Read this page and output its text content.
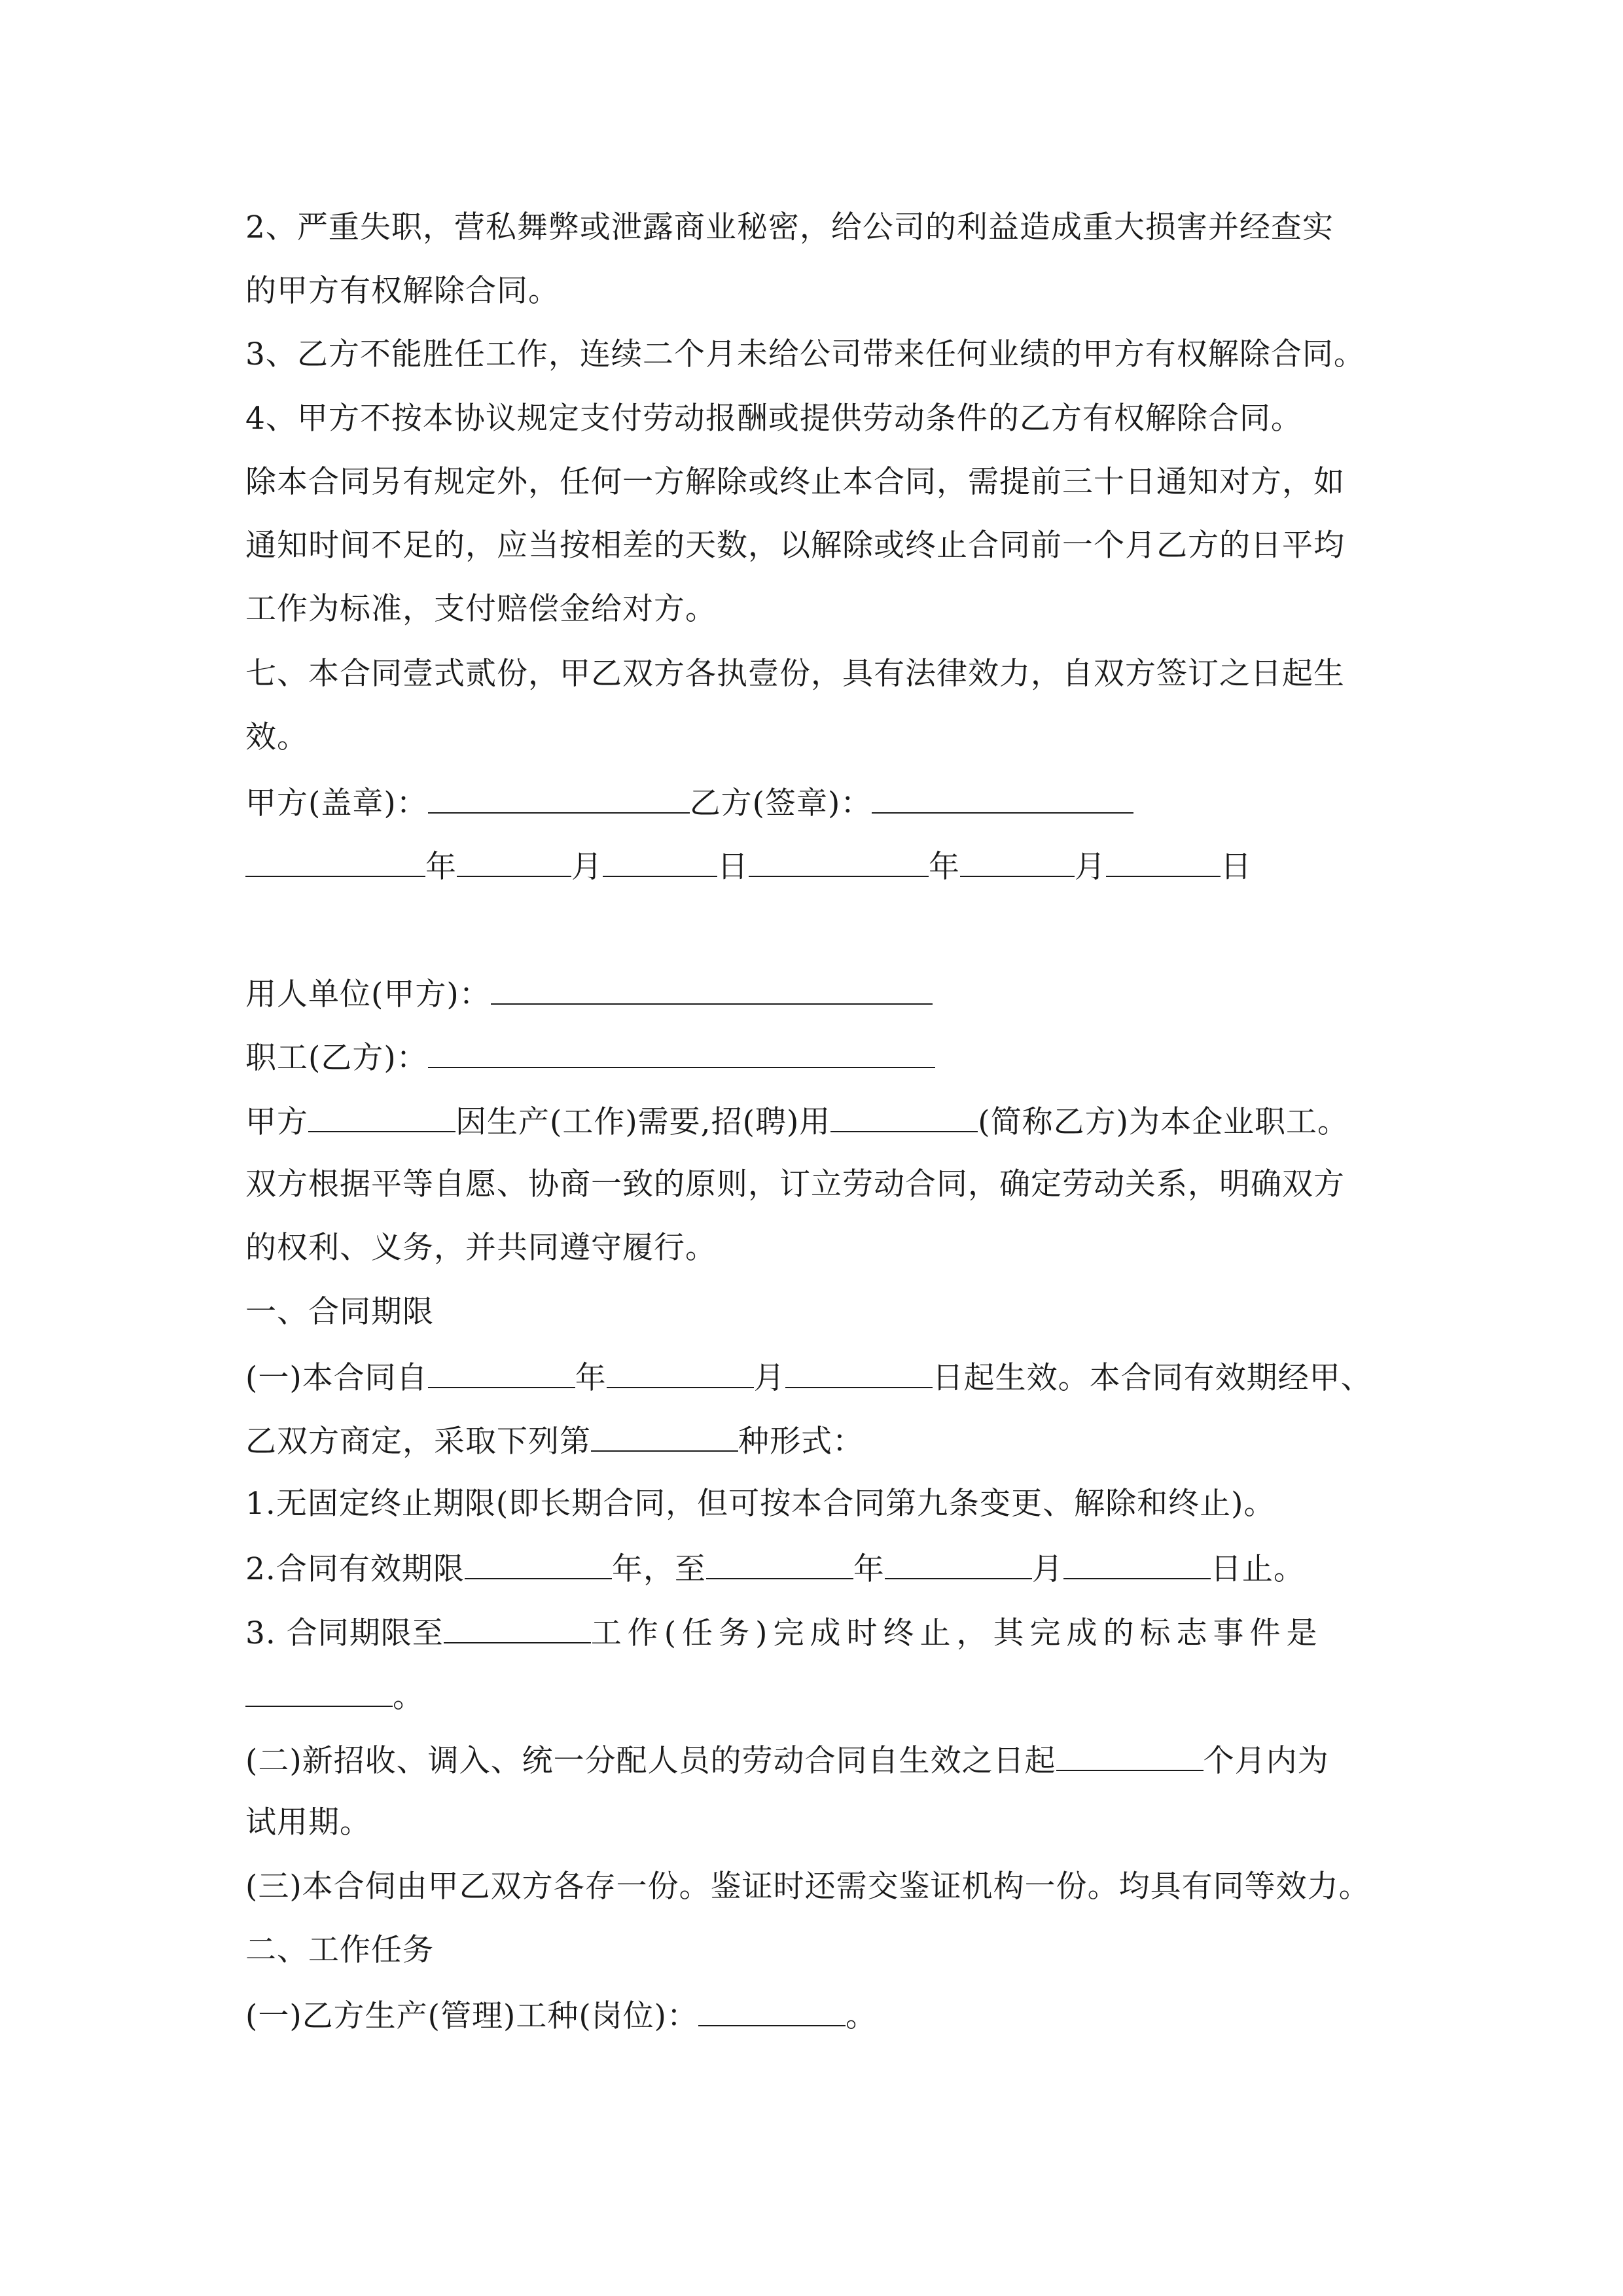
2、严重失职，营私舞弊或泄露商业秘密，给公司的利益造成重大损害并经查实
的甲方有权解除合同。
3、乙方不能胜任工作，连续二个月未给公司带来任何业绩的甲方有权解除合同。
4、甲方不按本协议规定支付劳动报酬或提供劳动条件的乙方有权解除合同。
除本合同另有规定外，任何一方解除或终止本合同，需提前三十日通知对方，如
通知时间不足的，应当按相差的天数，以解除或终止合同前一个月乙方的日平均
工作为标准，支付赔偿金给对方。
七、本合同壹式贰份，甲乙双方各执壹份，具有法律效力，自双方签订之日起生
效。
甲方(盖章)：	乙方(签章)：
年	月	日	年	月	日
用人单位(甲方)：
职工(乙方)：
甲方	因生产(工作)需要,招(聘)用	(简称乙方)为本企业职工。
双方根据平等自愿、协商一致的原则，订立劳动合同，确定劳动关系，明确双方
的权利、义务，并共同遵守履行。
一、合同期限
(一)本合同自	年	月	日起生效。本合同有效期经甲、
乙双方商定，采取下列第	种形式：
1.无固定终止期限(即长期合同，但可按本合同第九条变更、解除和终止)。
2.合同有效期限	年，至	年	月	日止。
3. 合同期限至	工作(任务)完成时终止，其完成的标志事件是
。
(二)新招收、调入、统一分配人员的劳动合同自生效之日起	个月内为
试用期。
(三)本合伺由甲乙双方各存一份。鉴证时还需交鉴证机构一份。均具有同等效力。
二、工作任务
(一)乙方生产(管理)工种(岗位)：	。
